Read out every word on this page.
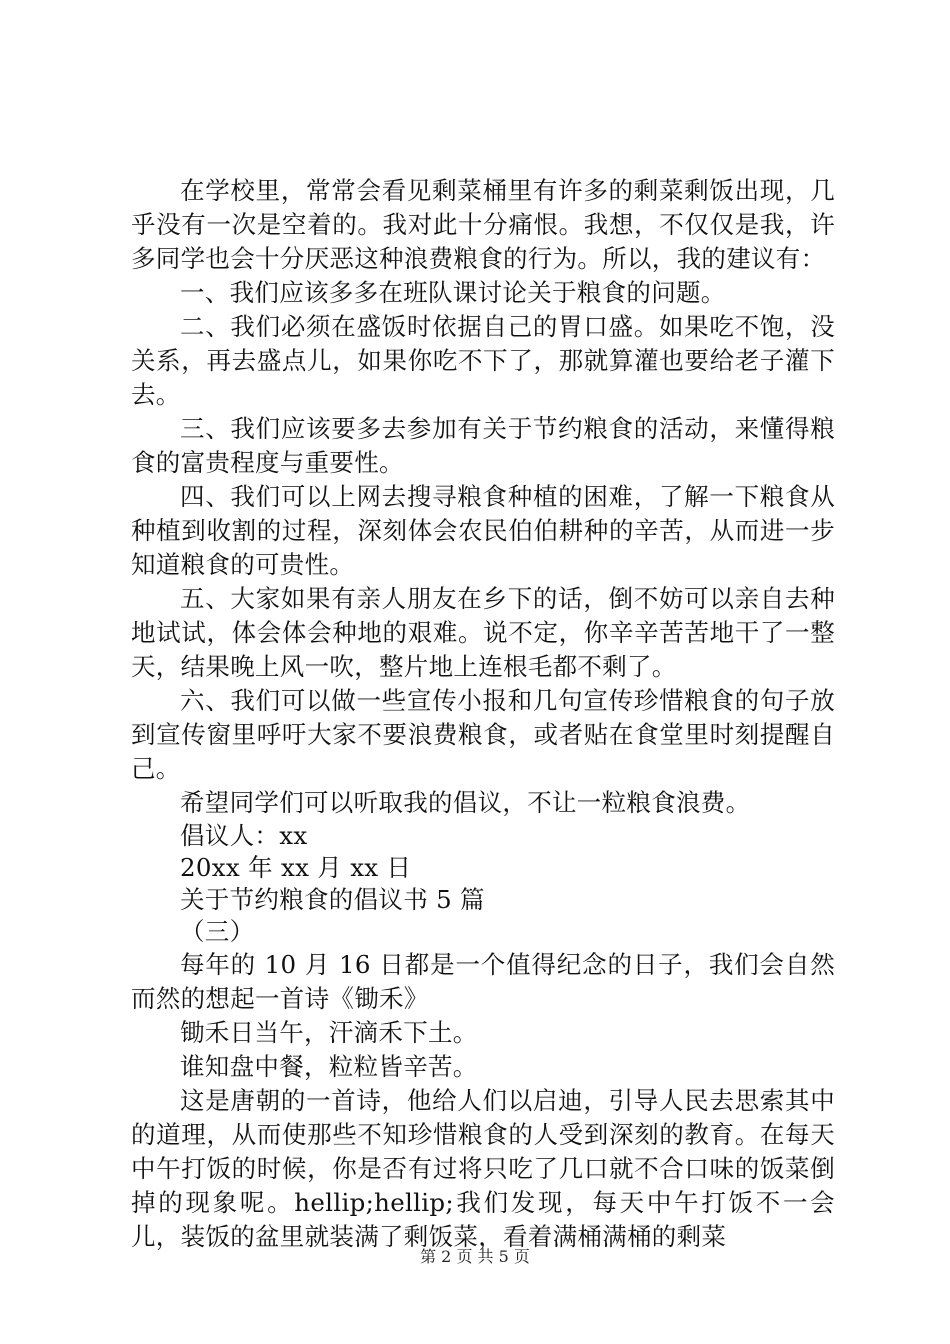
在学校里，常常会看见剩菜桶里有许多的剩菜剩饭出现，几乎没有一次是空着的。我对此十分痛恨。我想，不仅仅是我，许多同学也会十分厌恶这种浪费粮食的行为。所以，我的建议有：

一、我们应该多多在班队课讨论关于粮食的问题。

二、我们必须在盛饭时依据自己的胃口盛。如果吃不饱，没关系，再去盛点儿，如果你吃不下了，那就算灌也要给老子灌下去。

三、我们应该要多去参加有关于节约粮食的活动，来懂得粮食的富贵程度与重要性。

四、我们可以上网去搜寻粮食种植的困难，了解一下粮食从种植到收割的过程，深刻体会农民伯伯耕种的辛苦，从而进一步知道粮食的可贵性。

五、大家如果有亲人朋友在乡下的话，倒不妨可以亲自去种地试试，体会体会种地的艰难。说不定，你辛辛苦苦地干了一整天，结果晚上风一吹，整片地上连根毛都不剩了。

六、我们可以做一些宣传小报和几句宣传珍惜粮食的句子放到宣传窗里呼吁大家不要浪费粮食，或者贴在食堂里时刻提醒自己。

希望同学们可以听取我的倡议，不让一粒粮食浪费。

倡议人：xx

20xx 年 xx 月 xx 日

关于节约粮食的倡议书 5 篇

（三）

每年的 10 月 16 日都是一个值得纪念的日子，我们会自然而然的想起一首诗《锄禾》

锄禾日当午，汗滴禾下土。

谁知盘中餐，粒粒皆辛苦。

这是唐朝的一首诗，他给人们以启迪，引导人民去思索其中的道理，从而使那些不知珍惜粮食的人受到深刻的教育。在每天中午打饭的时候，你是否有过将只吃了几口就不合口味的饭菜倒掉的现象呢。hellip;hellip;我们发现，每天中午打饭不一会儿，装饭的盆里就装满了剩饭菜，看着满桶满桶的剩菜

第 2 页 共 5 页
